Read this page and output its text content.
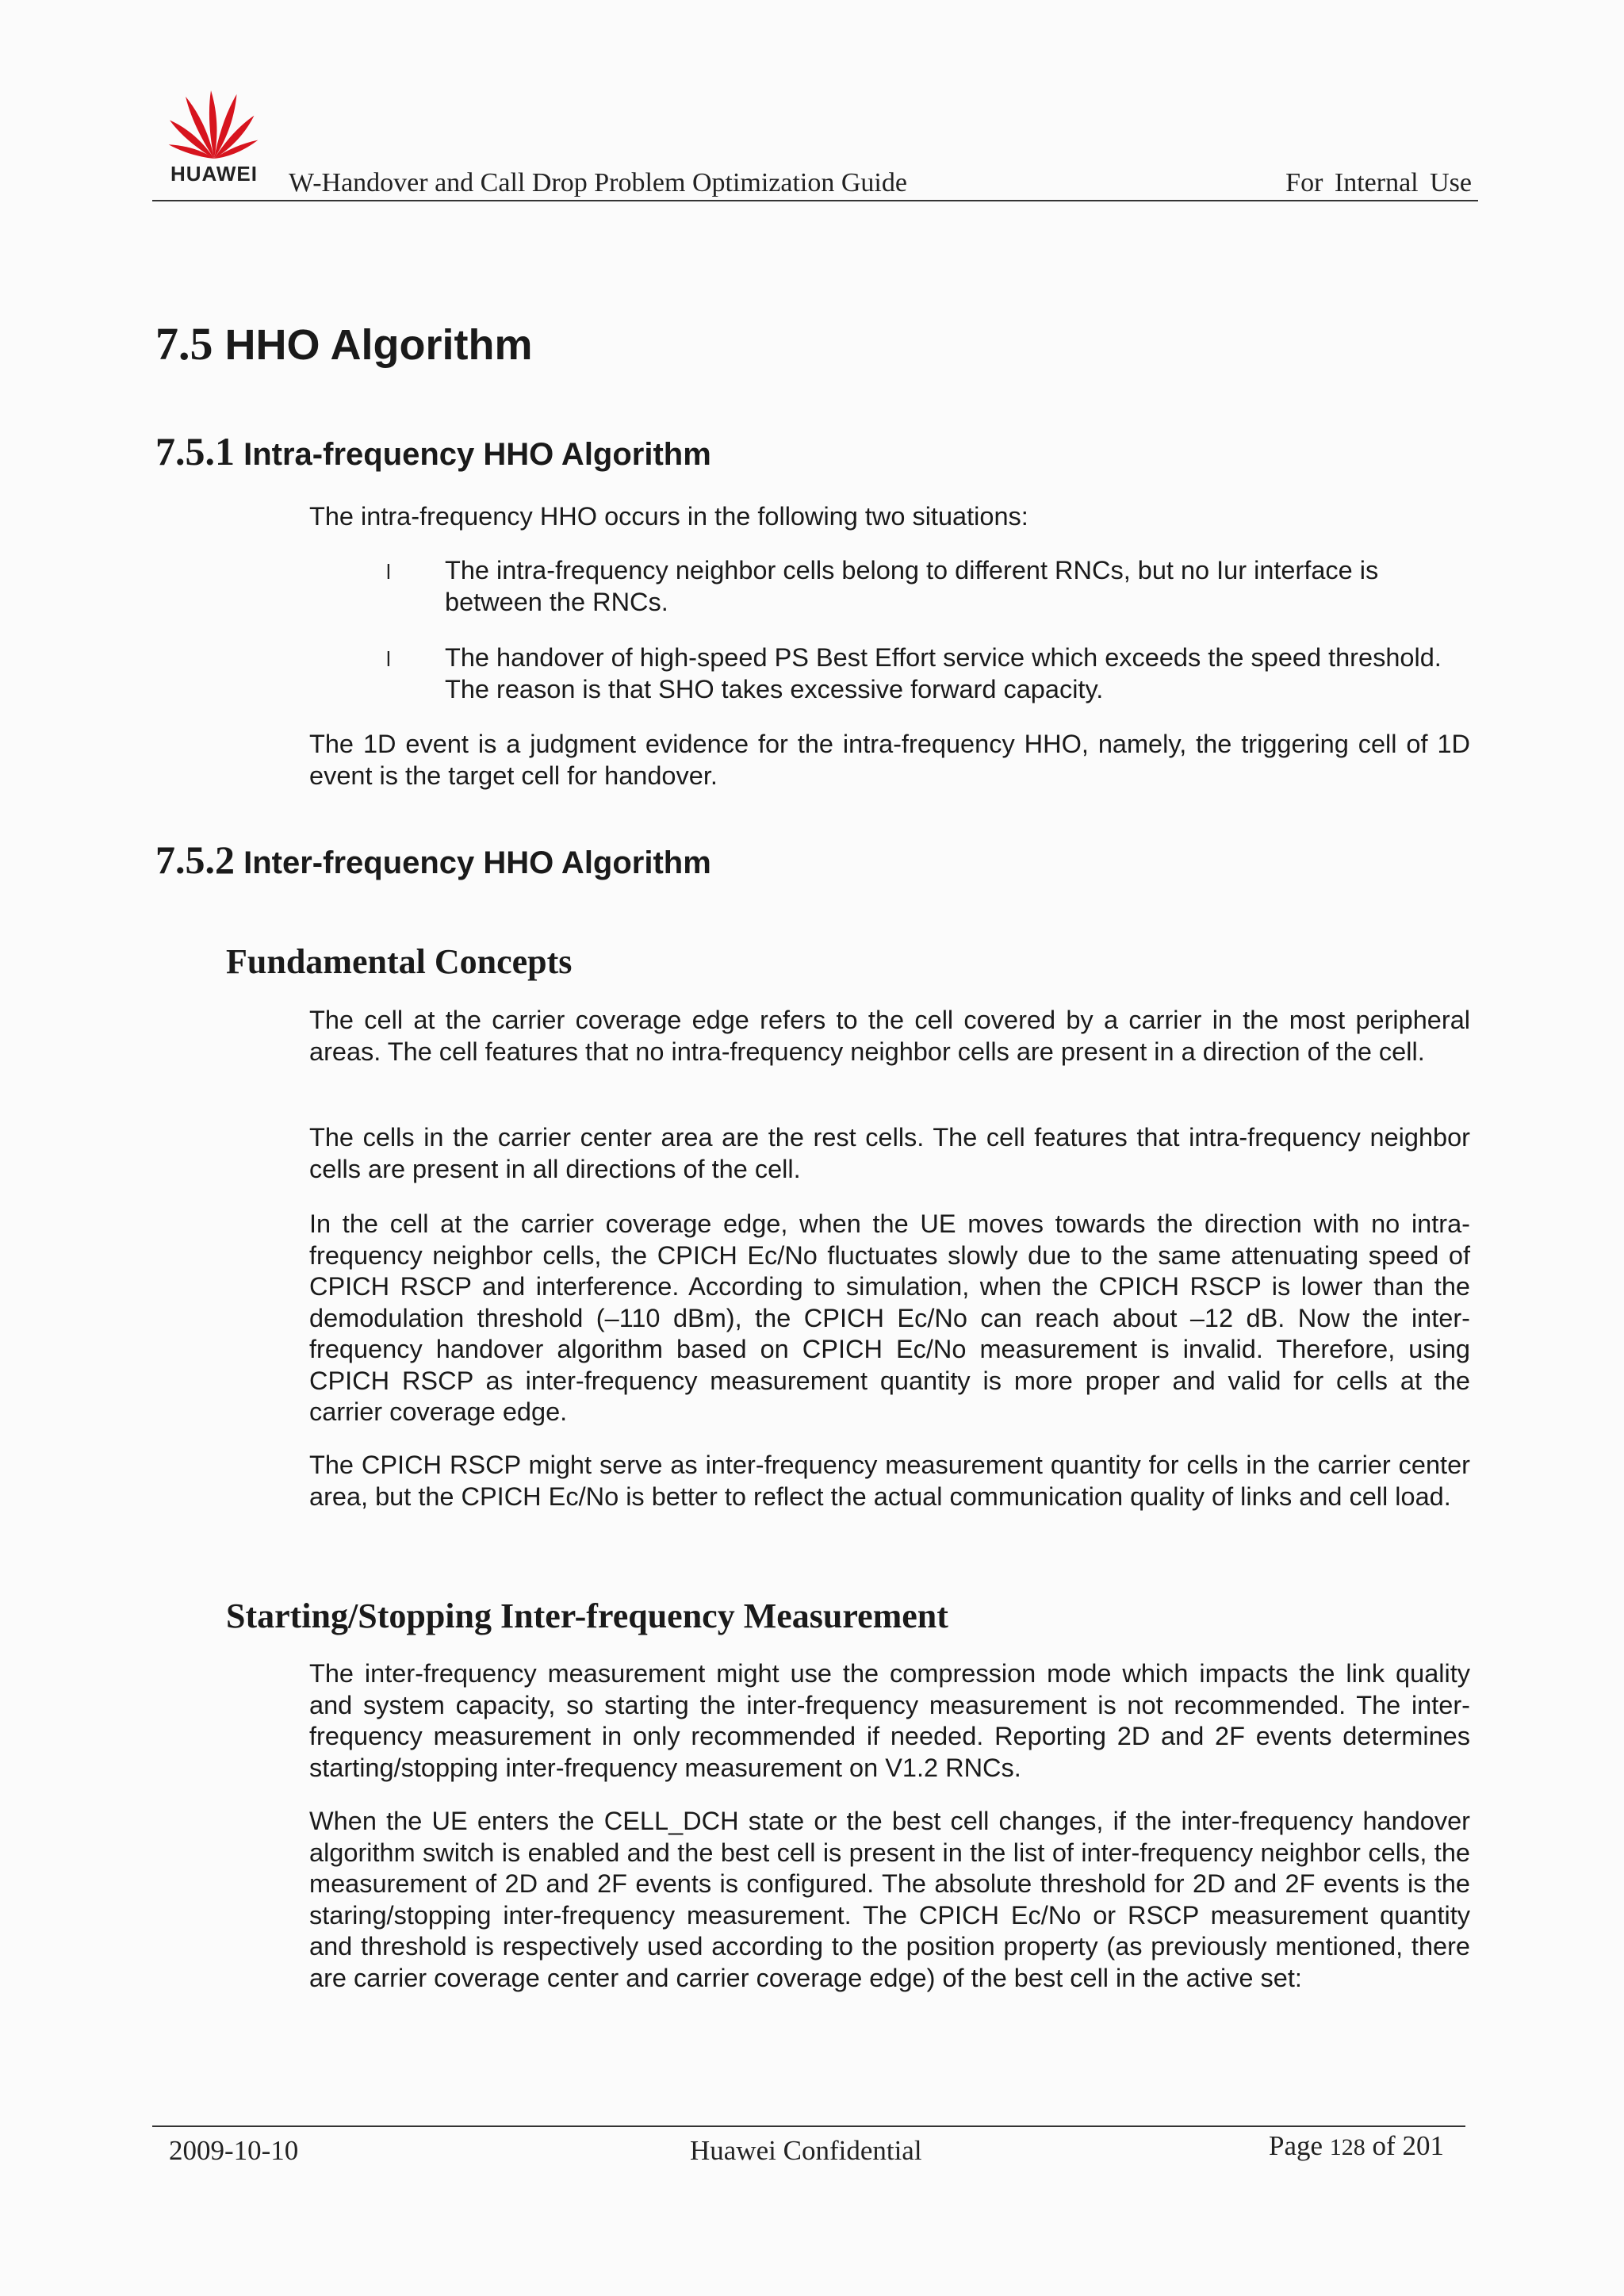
HUAWEI	W-Handover and Call Drop Problem Optimization Guide	For Internal Use
7.5 HHO Algorithm
7.5.1 Intra-frequency HHO Algorithm

The intra-frequency HHO occurs in the following two situations:

l The intra-frequency neighbor cells belong to different RNCs, but no Iur interface is between the RNCs.

l The handover of high-speed PS Best Effort service which exceeds the speed threshold. The reason is that SHO takes excessive forward capacity.

The 1D event is a judgment evidence for the intra-frequency HHO, namely, the triggering cell of 1D event is the target cell for handover.

7.5.2 Inter-frequency HHO Algorithm
Fundamental Concepts

The cell at the carrier coverage edge refers to the cell covered by a carrier in the most peripheral areas. The cell features that no intra-frequency neighbor cells are present in a direction of the cell.

The cells in the carrier center area are the rest cells. The cell features that intra-frequency neighbor cells are present in all directions of the cell.

In the cell at the carrier coverage edge, when the UE moves towards the direction with no intra-frequency neighbor cells, the CPICH Ec/No fluctuates slowly due to the same attenuating speed of CPICH RSCP and interference. According to simulation, when the CPICH RSCP is lower than the demodulation threshold (–110 dBm), the CPICH Ec/No can reach about –12 dB. Now the inter-frequency handover algorithm based on CPICH Ec/No measurement is invalid. Therefore, using CPICH RSCP as inter-frequency measurement quantity is more proper and valid for cells at the carrier coverage edge.

The CPICH RSCP might serve as inter-frequency measurement quantity for cells in the carrier center area, but the CPICH Ec/No is better to reflect the actual communication quality of links and cell load.

Starting/Stopping Inter-frequency Measurement

The inter-frequency measurement might use the compression mode which impacts the link quality and system capacity, so starting the inter-frequency measurement is not recommended. The inter-frequency measurement in only recommended if needed. Reporting 2D and 2F events determines starting/stopping inter-frequency measurement on V1.2 RNCs.

When the UE enters the CELL_DCH state or the best cell changes, if the inter-frequency handover algorithm switch is enabled and the best cell is present in the list of inter-frequency neighbor cells, the measurement of 2D and 2F events is configured. The absolute threshold for 2D and 2F events is the staring/stopping inter-frequency measurement. The CPICH Ec/No or RSCP measurement quantity and threshold is respectively used according to the position property (as previously mentioned, there are carrier coverage center and carrier coverage edge) of the best cell in the active set:

2009-10-10	Huawei Confidential	Page 128 of 201
